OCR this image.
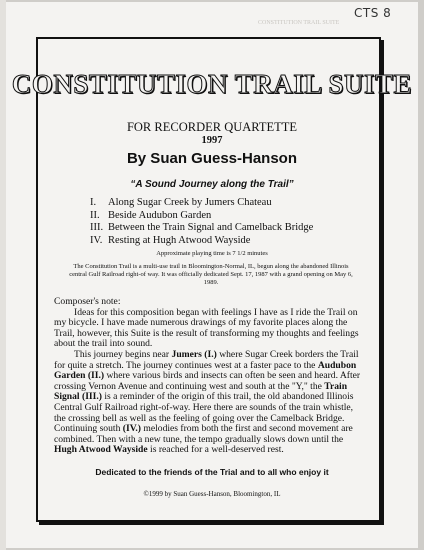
CTS 8
CONSTITUTION TRAIL SUITE
CONSTITUTION TRAIL SUITE
FOR RECORDER QUARTETTE
1997
By Suan Guess-Hanson
“A Sound Journey along the Trail”
I. Along Sugar Creek by Jumers Chateau
II. Beside Audubon Garden
III. Between the Train Signal and Camelback Bridge
IV. Resting at Hugh Atwood Wayside
Approximate playing time is 7 1/2 minutes
The Constitution Trail is a multi-use trail in Bloomington-Normal, IL, begun along the abandoned Illinois central Gulf Railroad right-of way. It was officially dedicated Sept. 17, 1987 with a grand opening on May 6, 1989.

Composer's note:

Ideas for this composition began with feelings I have as I ride the Trail on my bicycle. I have made numerous drawings of my favorite places along the Trail, however, this Suite is the result of transforming my thoughts and feelings about the trail into sound.

This journey begins near Jumers (I.) where Sugar Creek borders the Trail for quite a stretch. The journey continues west at a faster pace to the Audubon Garden (II.) where various birds and insects can often be seen and heard. After crossing Vernon Avenue and continuing west and south at the "Y," the Train Signal (III.) is a reminder of the origin of this trail, the old abandoned Illinois Central Gulf Railroad right-of-way. Here there are sounds of the train whistle, the crossing bell as well as the feeling of going over the Camelback Bridge. Continuing south (IV.) melodies from both the first and second movement are combined. Then with a new tune, the tempo gradually slows down until the Hugh Atwood Wayside is reached for a well-deserved rest.

Dedicated to the friends of the Trial and to all who enjoy it
©1999 by Suan Guess-Hanson, Bloomington, IL
